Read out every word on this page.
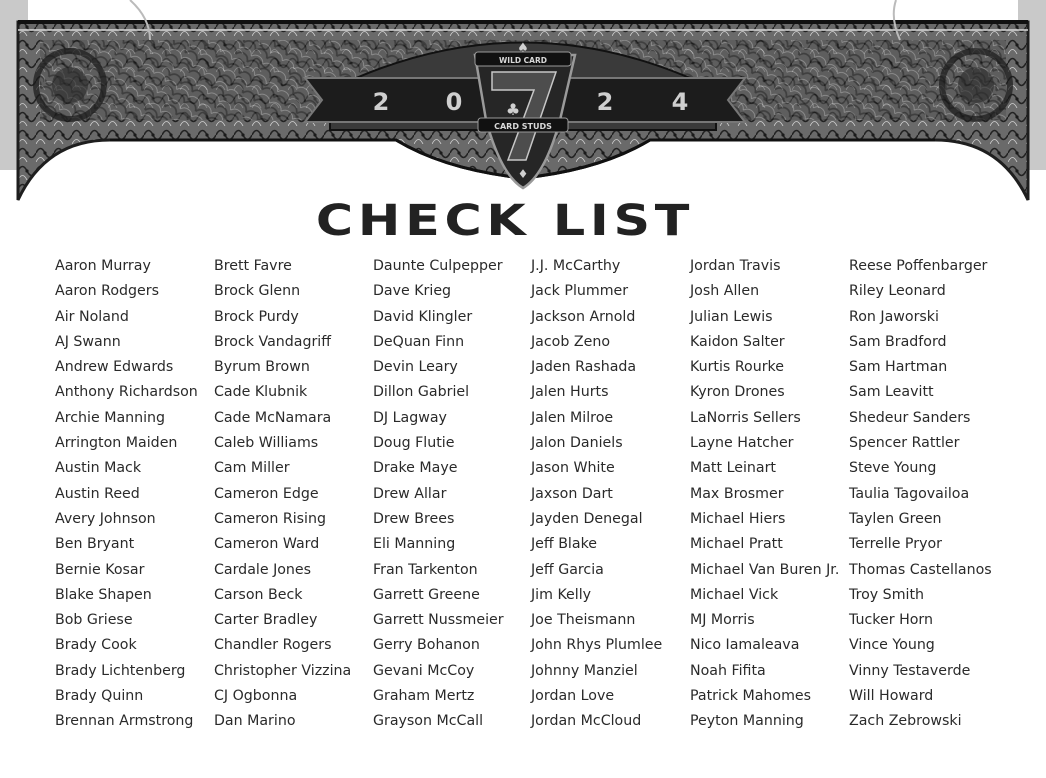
WILD CARD
CARD STUDS
♣
♠
♦
2 0	2 4
CHECK LIST
Aaron Murray
Aaron Rodgers
Air Noland
AJ Swann
Andrew Edwards
Anthony Richardson
Archie Manning
Arrington Maiden
Austin Mack
Austin Reed
Avery Johnson
Ben Bryant
Bernie Kosar
Blake Shapen
Bob Griese
Brady Cook
Brady Lichtenberg
Brady Quinn
Brennan Armstrong
Brett Favre
Brock Glenn
Brock Purdy
Brock Vandagriff
Byrum Brown
Cade Klubnik
Cade McNamara
Caleb Williams
Cam Miller
Cameron Edge
Cameron Rising
Cameron Ward
Cardale Jones
Carson Beck
Carter Bradley
Chandler Rogers
Christopher Vizzina
CJ Ogbonna
Dan Marino
Daunte Culpepper
Dave Krieg
David Klingler
DeQuan Finn
Devin Leary
Dillon Gabriel
DJ Lagway
Doug Flutie
Drake Maye
Drew Allar
Drew Brees
Eli Manning
Fran Tarkenton
Garrett Greene
Garrett Nussmeier
Gerry Bohanon
Gevani McCoy
Graham Mertz
Grayson McCall
J.J. McCarthy
Jack Plummer
Jackson Arnold
Jacob Zeno
Jaden Rashada
Jalen Hurts
Jalen Milroe
Jalon Daniels
Jason White
Jaxson Dart
Jayden Denegal
Jeff Blake
Jeff Garcia
Jim Kelly
Joe Theismann
John Rhys Plumlee
Johnny Manziel
Jordan Love
Jordan McCloud
Jordan Travis
Josh Allen
Julian Lewis
Kaidon Salter
Kurtis Rourke
Kyron Drones
LaNorris Sellers
Layne Hatcher
Matt Leinart
Max Brosmer
Michael Hiers
Michael Pratt
Michael Van Buren Jr.
Michael Vick
MJ Morris
Nico Iamaleava
Noah Fifita
Patrick Mahomes
Peyton Manning
Reese Poffenbarger
Riley Leonard
Ron Jaworski
Sam Bradford
Sam Hartman
Sam Leavitt
Shedeur Sanders
Spencer Rattler
Steve Young
Taulia Tagovailoa
Taylen Green
Terrelle Pryor
Thomas Castellanos
Troy Smith
Tucker Horn
Vince Young
Vinny Testaverde
Will Howard
Zach Zebrowski
